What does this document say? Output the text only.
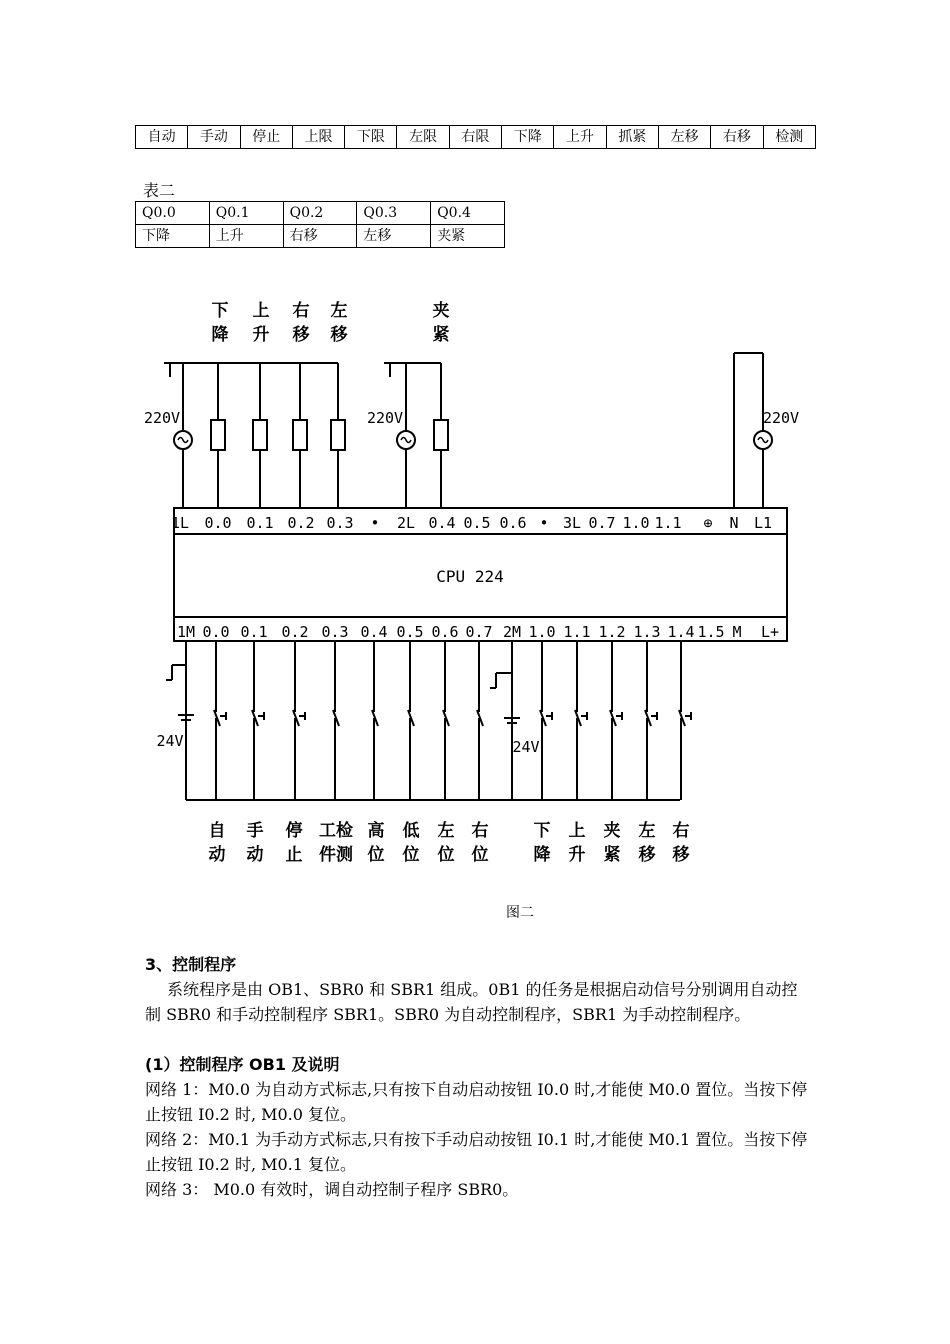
自动	手动	停止	上限	下限	左限	右限	下降	上升	抓紧	左移	右移	检测
表二
Q0.0	Q0.1	Q0.2	Q0.3	Q0.4
下降	上升	右移	左移	夹紧
CPU 224
1L 0.0 0.1 0.2 0.3 • 2L 0.4 0.5 0.6 • 3L 0.7 1.0 1.1 ⊕ N L1
1M 0.0 0.1 0.2 0.3 0.4 0.5 0.6 0.7 2M 1.0 1.1 1.2 1.3 1.4 1.5 M L+
220V
下
降
上
升
右
移
左
移
220V
夹
紧
220V
24V	24V
自
动
手
动
停
止
工检
件测
高
位
低
位
左
位
右
位
下
降
上
升
夹
紧
左
移
右
移
图二
3、控制程序
系统程序是由 OB1、SBR0 和 SBR1 组成。0B1 的任务是根据启动信号分别调用自动控制 SBR0 和手动控制程序 SBR1。SBR0 为自动控制程序，SBR1 为手动控制程序。
(1）控制程序 OB1 及说明
网络 1：M0.0 为自动方式标志,只有按下自动启动按钮 I0.0 时,才能使 M0.0 置位。当按下停止按钮 I0.2 时, M0.0 复位。
网络 2：M0.1 为手动方式标志,只有按下手动启动按钮 I0.1 时,才能使 M0.1 置位。当按下停止按钮 I0.2 时, M0.1 复位。
网络 3： M0.0 有效时，调自动控制子程序 SBR0。
